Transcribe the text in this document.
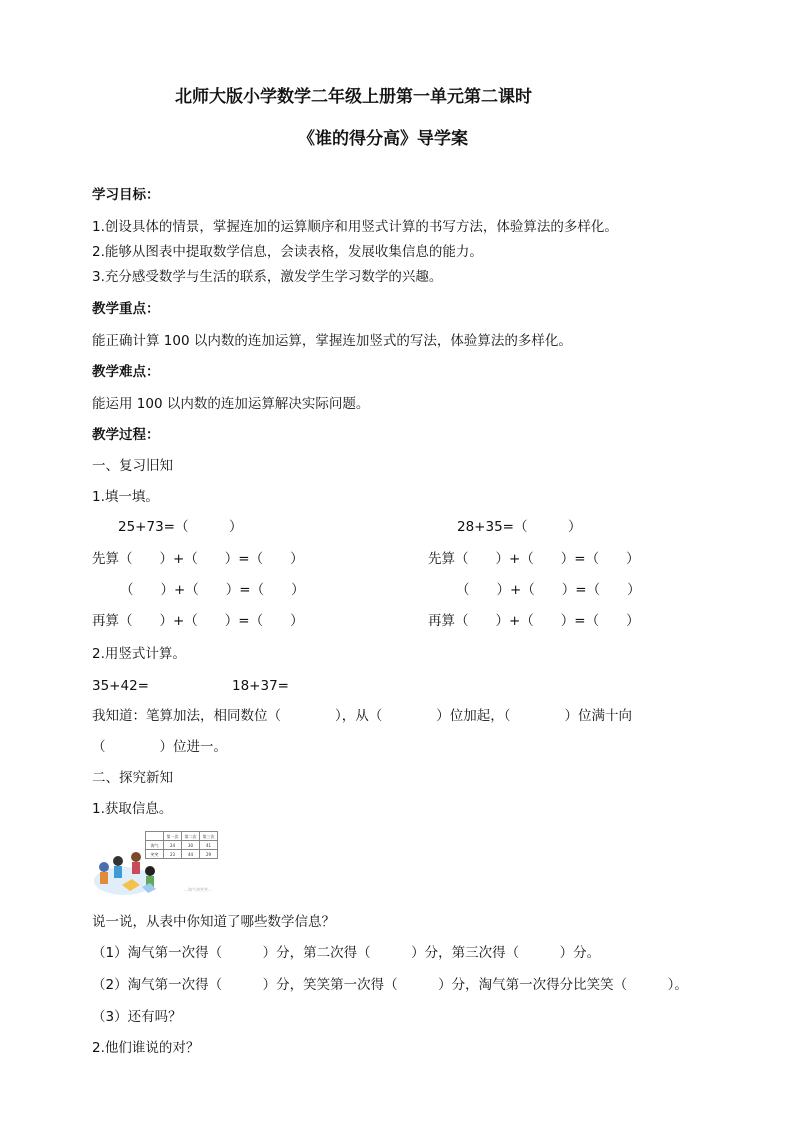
北师大版小学数学二年级上册第一单元第二课时
《谁的得分高》导学案
学习目标：
1.创设具体的情景，掌握连加的运算顺序和用竖式计算的书写方法，体验算法的多样化。
2.能够从图表中提取数学信息，会读表格，发展收集信息的能力。
3.充分感受数学与生活的联系，激发学生学习数学的兴趣。
教学重点：
能正确计算 100 以内数的连加运算，掌握连加竖式的写法，体验算法的多样化。
教学难点：
能运用 100 以内数的连加运算解决实际问题。
教学过程：
一、复习旧知
1.填一填。
25+73=（　　　）	28+35=（　　　）
先算（　　）+（　　）=（　　）	先算（　　）+（　　）=（　　）
（　　）+（　　）=（　　）	（　　）+（　　）=（　　）
再算（　　）+（　　）=（　　）	再算（　　）+（　　）=（　　）
2.用竖式计算。
35+42=	18+37=
我知道：笔算加法，相同数位（　　　　），从（　　　　）位加起，（　　　　）位满十向
（　　　　）位进一。
二、探究新知
1.获取信息。
…淘气和笑笑…
	第一次	第二次	第三次
淘气	24	30	41
笑笑	23	44	29
说一说，从表中你知道了哪些数学信息？
（1）淘气第一次得（　　　）分，第二次得（　　　）分，第三次得（　　　）分。
（2）淘气第一次得（　　　）分，笑笑第一次得（　　　）分，淘气第一次得分比笑笑（　　　）。
（3）还有吗？
2.他们谁说的对？
